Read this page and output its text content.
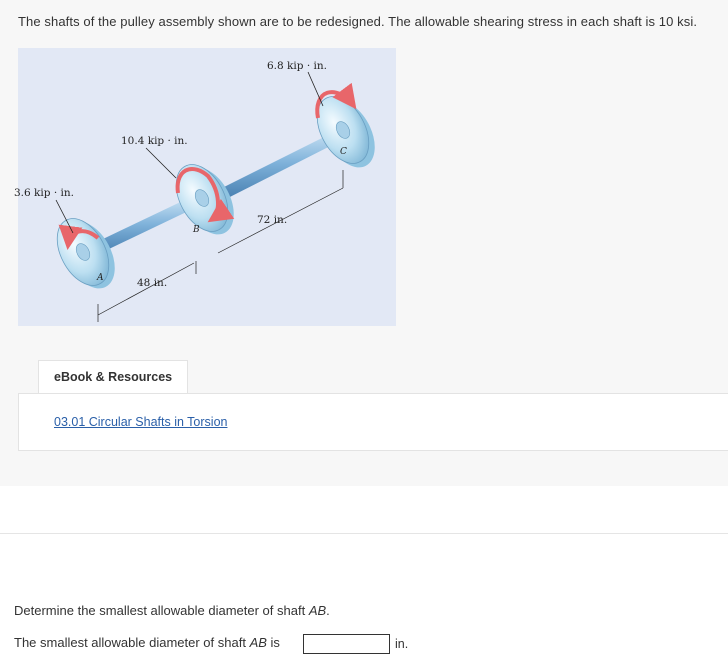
The shafts of the pulley assembly shown are to be redesigned. The allowable shearing stress in each shaft is 10 ksi.
6.8 kip · in.
10.4 kip · in.
3.6 kip · in.
72 in.
48 in.
A
B
C
eBook & Resources
03.01 Circular Shafts in Torsion
Determine the smallest allowable diameter of shaft AB.
The smallest allowable diameter of shaft AB is	in.
